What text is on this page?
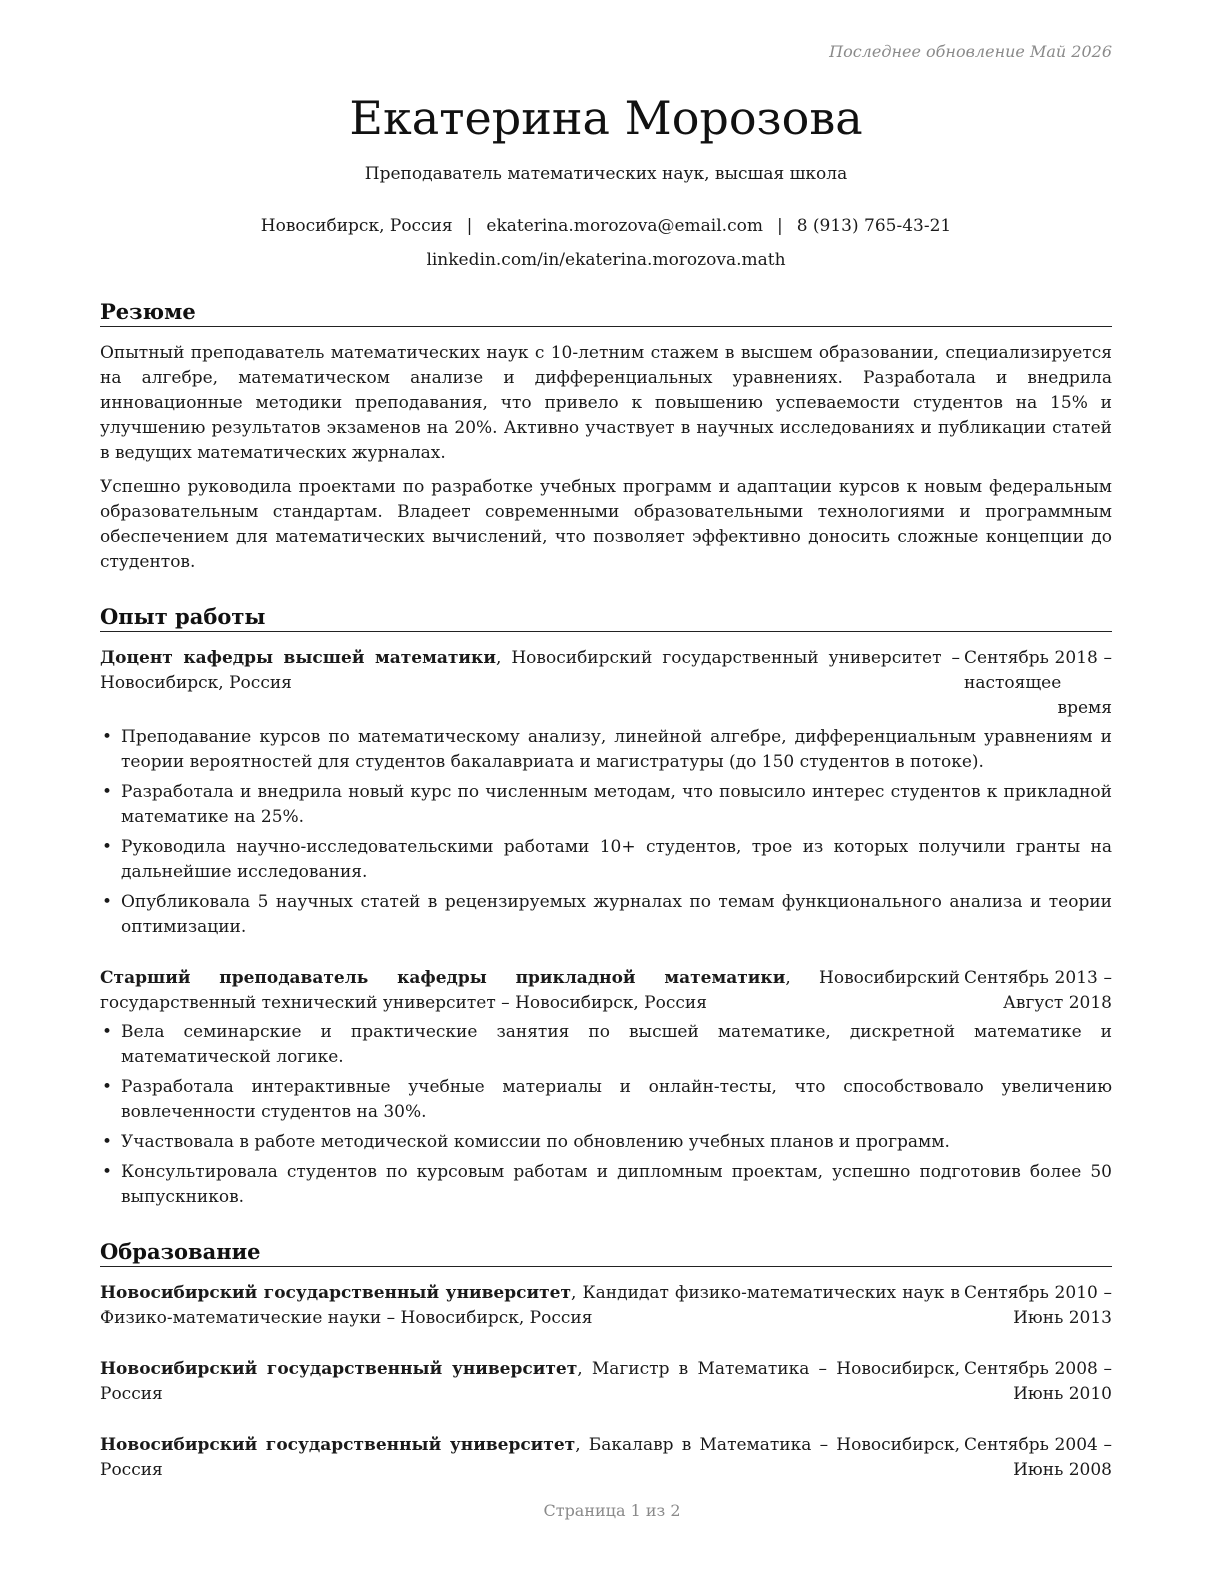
Последнее обновление Май 2026
Екатерина Морозова
Преподаватель математических наук, высшая школа
Новосибирск, Россия | ekaterina.morozova@email.com | 8 (913) 765-43-21
linkedin.com/in/ekaterina.morozova.math
Резюме
Опытный преподаватель математических наук с 10-летним стажем в высшем образовании, специализируется на алгебре, математическом анализе и дифференциальных уравнениях. Разработала и внедрила инновационные методики преподавания, что привело к повышению успеваемости студентов на 15% и улучшению результатов экзаменов на 20%. Активно участвует в научных исследованиях и публикации статей в ведущих математических журналах.
Успешно руководила проектами по разработке учебных программ и адаптации курсов к новым федеральным образовательным стандартам. Владеет современными образовательными технологиями и программным обеспечением для математических вычислений, что позволяет эффективно доносить сложные концепции до студентов.
Опыт работы
Доцент кафедры высшей математики, Новосибирский государственный университет – Новосибирск, Россия
Сентябрь 2018 – настоящее время
• Преподавание курсов по математическому анализу, линейной алгебре, дифференциальным уравнениям и теории вероятностей для студентов бакалавриата и магистратуры (до 150 студентов в потоке).
• Разработала и внедрила новый курс по численным методам, что повысило интерес студентов к прикладной математике на 25%.
• Руководила научно-исследовательскими работами 10+ студентов, трое из которых получили гранты на дальнейшие исследования.
• Опубликовала 5 научных статей в рецензируемых журналах по темам функционального анализа и теории оптимизации.
Старший преподаватель кафедры прикладной математики, Новосибирский государственный технический университет – Новосибирск, Россия
Сентябрь 2013 – Август 2018
• Вела семинарские и практические занятия по высшей математике, дискретной математике и математической логике.
• Разработала интерактивные учебные материалы и онлайн-тесты, что способствовало увеличению вовлеченности студентов на 30%.
• Участвовала в работе методической комиссии по обновлению учебных планов и программ.
• Консультировала студентов по курсовым работам и дипломным проектам, успешно подготовив более 50 выпускников.
Образование
Новосибирский государственный университет, Кандидат физико-математических наук в Физико-математические науки – Новосибирск, Россия
Сентябрь 2010 – Июнь 2013
Новосибирский государственный университет, Магистр в Математика – Новосибирск, Россия
Сентябрь 2008 – Июнь 2010
Новосибирский государственный университет, Бакалавр в Математика – Новосибирск, Россия
Сентябрь 2004 – Июнь 2008
Страница 1 из 2
